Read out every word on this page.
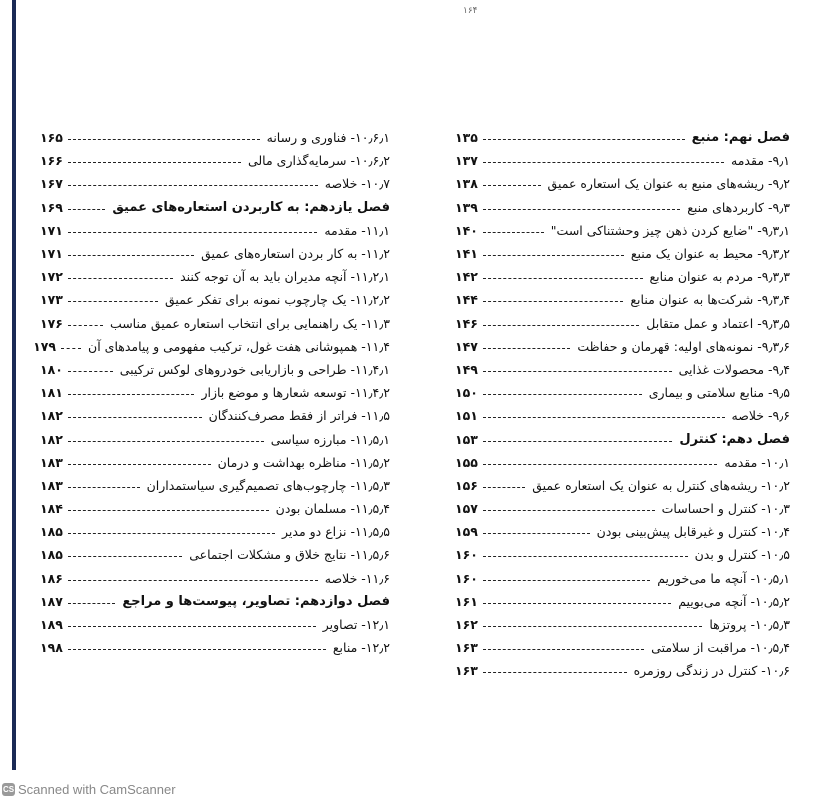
۱۶۴
فصل نهم: منبع
۱۳۵
۹٫۱- مقدمه
۱۳۷
۹٫۲- ریشه‌های منبع به عنوان یک استعاره عمیق
۱۳۸
۹٫۳- کاربردهای منبع
۱۳۹
۹٫۳٫۱- "ضایع کردن ذهن چیز وحشتناکی است"
۱۴۰
۹٫۳٫۲- محیط به عنوان یک منبع
۱۴۱
۹٫۳٫۳- مردم به عنوان منابع
۱۴۲
۹٫۳٫۴- شرکت‌ها به عنوان منابع
۱۴۴
۹٫۳٫۵- اعتماد و عمل متقابل
۱۴۶
۹٫۳٫۶- نمونه‌های اولیه: قهرمان و حفاظت
۱۴۷
۹٫۴- محصولات غذایی
۱۴۹
۹٫۵- منابع سلامتی و بیماری
۱۵۰
۹٫۶- خلاصه
۱۵۱
فصل دهم: کنترل
۱۵۳
۱۰٫۱- مقدمه
۱۵۵
۱۰٫۲- ریشه‌های کنترل به عنوان یک استعاره عمیق
۱۵۶
۱۰٫۳- کنترل و احساسات
۱۵۷
۱۰٫۴- کنترل و غیرقابل پیش‌بینی بودن
۱۵۹
۱۰٫۵- کنترل و بدن
۱۶۰
۱۰٫۵٫۱- آنچه ما می‌خوریم
۱۶۰
۱۰٫۵٫۲- آنچه می‌بوییم
۱۶۱
۱۰٫۵٫۳- پروتزها
۱۶۲
۱۰٫۵٫۴- مراقبت از سلامتی
۱۶۳
۱۰٫۶- کنترل در زندگی روزمره
۱۶۳
۱۰٫۶٫۱- فناوری و رسانه
۱۶۵
۱۰٫۶٫۲- سرمایه‌گذاری مالی
۱۶۶
۱۰٫۷- خلاصه
۱۶۷
فصل یازدهم: به کاربردن استعاره‌های عمیق
۱۶۹
۱۱٫۱- مقدمه
۱۷۱
۱۱٫۲- به کار بردن استعاره‌های عمیق
۱۷۱
۱۱٫۲٫۱- آنچه مدیران باید به آن توجه کنند
۱۷۲
۱۱٫۲٫۲- یک چارچوب نمونه برای تفکر عمیق
۱۷۳
۱۱٫۳- یک راهنمایی برای انتخاب استعاره عمیق مناسب
۱۷۶
۱۱٫۴- همپوشانی هفت غول، ترکیب مفهومی و پیامدهای آن
۱۷۹
۱۱٫۴٫۱- طراحی و بازاریابی خودروهای لوکس ترکیبی
۱۸۰
۱۱٫۴٫۲- توسعه شعارها و موضع بازار
۱۸۱
۱۱٫۵- فراتر از فقط مصرف‌کنندگان
۱۸۲
۱۱٫۵٫۱- مبارزه سیاسی
۱۸۲
۱۱٫۵٫۲- مناظره بهداشت و درمان
۱۸۳
۱۱٫۵٫۳- چارچوب‌های تصمیم‌گیری سیاستمداران
۱۸۳
۱۱٫۵٫۴- مسلمان بودن
۱۸۴
۱۱٫۵٫۵- نزاع دو مدیر
۱۸۵
۱۱٫۵٫۶- نتایج خلاق و مشکلات اجتماعی
۱۸۵
۱۱٫۶- خلاصه
۱۸۶
فصل دوازدهم: تصاویر، پیوست‌ها و مراجع
۱۸۷
۱۲٫۱- تصاویر
۱۸۹
۱۲٫۲- منابع
۱۹۸
CS Scanned with CamScanner
